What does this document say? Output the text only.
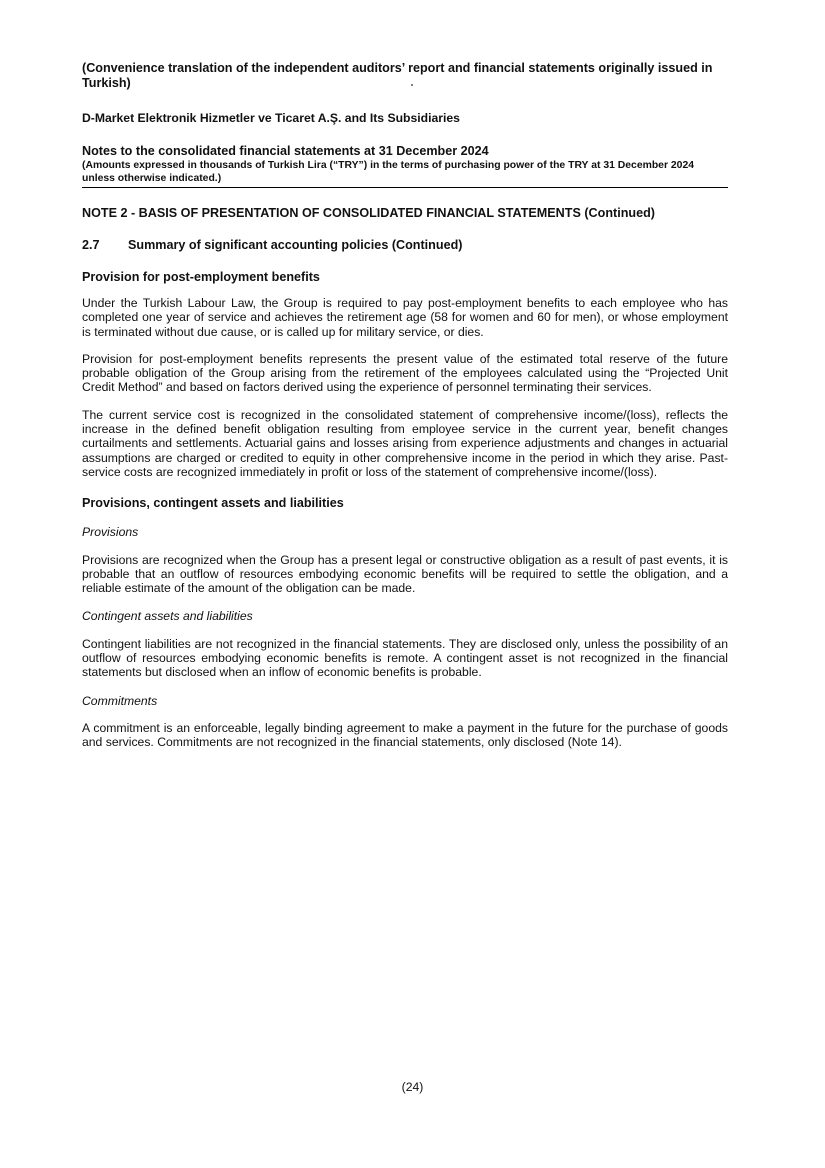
(Convenience translation of the independent auditors’ report and financial statements originally issued in Turkish)
D-Market Elektronik Hizmetler ve Ticaret A.Ş. and Its Subsidiaries
Notes to the consolidated financial statements at 31 December 2024
(Amounts expressed in thousands of Turkish Lira (“TRY”) in the terms of purchasing power of the TRY at 31 December 2024 unless otherwise indicated.)
NOTE 2 - BASIS OF PRESENTATION OF CONSOLIDATED FINANCIAL STATEMENTS (Continued)
2.7 Summary of significant accounting policies (Continued)
Provision for post-employment benefits

Under the Turkish Labour Law, the Group is required to pay post-employment benefits to each employee who has completed one year of service and achieves the retirement age (58 for women and 60 for men), or whose employment is terminated without due cause, or is called up for military service, or dies.

Provision for post-employment benefits represents the present value of the estimated total reserve of the future probable obligation of the Group arising from the retirement of the employees calculated using the “Projected Unit Credit Method” and based on factors derived using the experience of personnel terminating their services.

The current service cost is recognized in the consolidated statement of comprehensive income/(loss), reflects the increase in the defined benefit obligation resulting from employee service in the current year, benefit changes curtailments and settlements. Actuarial gains and losses arising from experience adjustments and changes in actuarial assumptions are charged or credited to equity in other comprehensive income in the period in which they arise. Past-service costs are recognized immediately in profit or loss of the statement of comprehensive income/(loss).

Provisions, contingent assets and liabilities
Provisions

Provisions are recognized when the Group has a present legal or constructive obligation as a result of past events, it is probable that an outflow of resources embodying economic benefits will be required to settle the obligation, and a reliable estimate of the amount of the obligation can be made.

Contingent assets and liabilities

Contingent liabilities are not recognized in the financial statements. They are disclosed only, unless the possibility of an outflow of resources embodying economic benefits is remote. A contingent asset is not recognized in the financial statements but disclosed when an inflow of economic benefits is probable.

Commitments

A commitment is an enforceable, legally binding agreement to make a payment in the future for the purchase of goods and services. Commitments are not recognized in the financial statements, only disclosed (Note 14).

(24)
